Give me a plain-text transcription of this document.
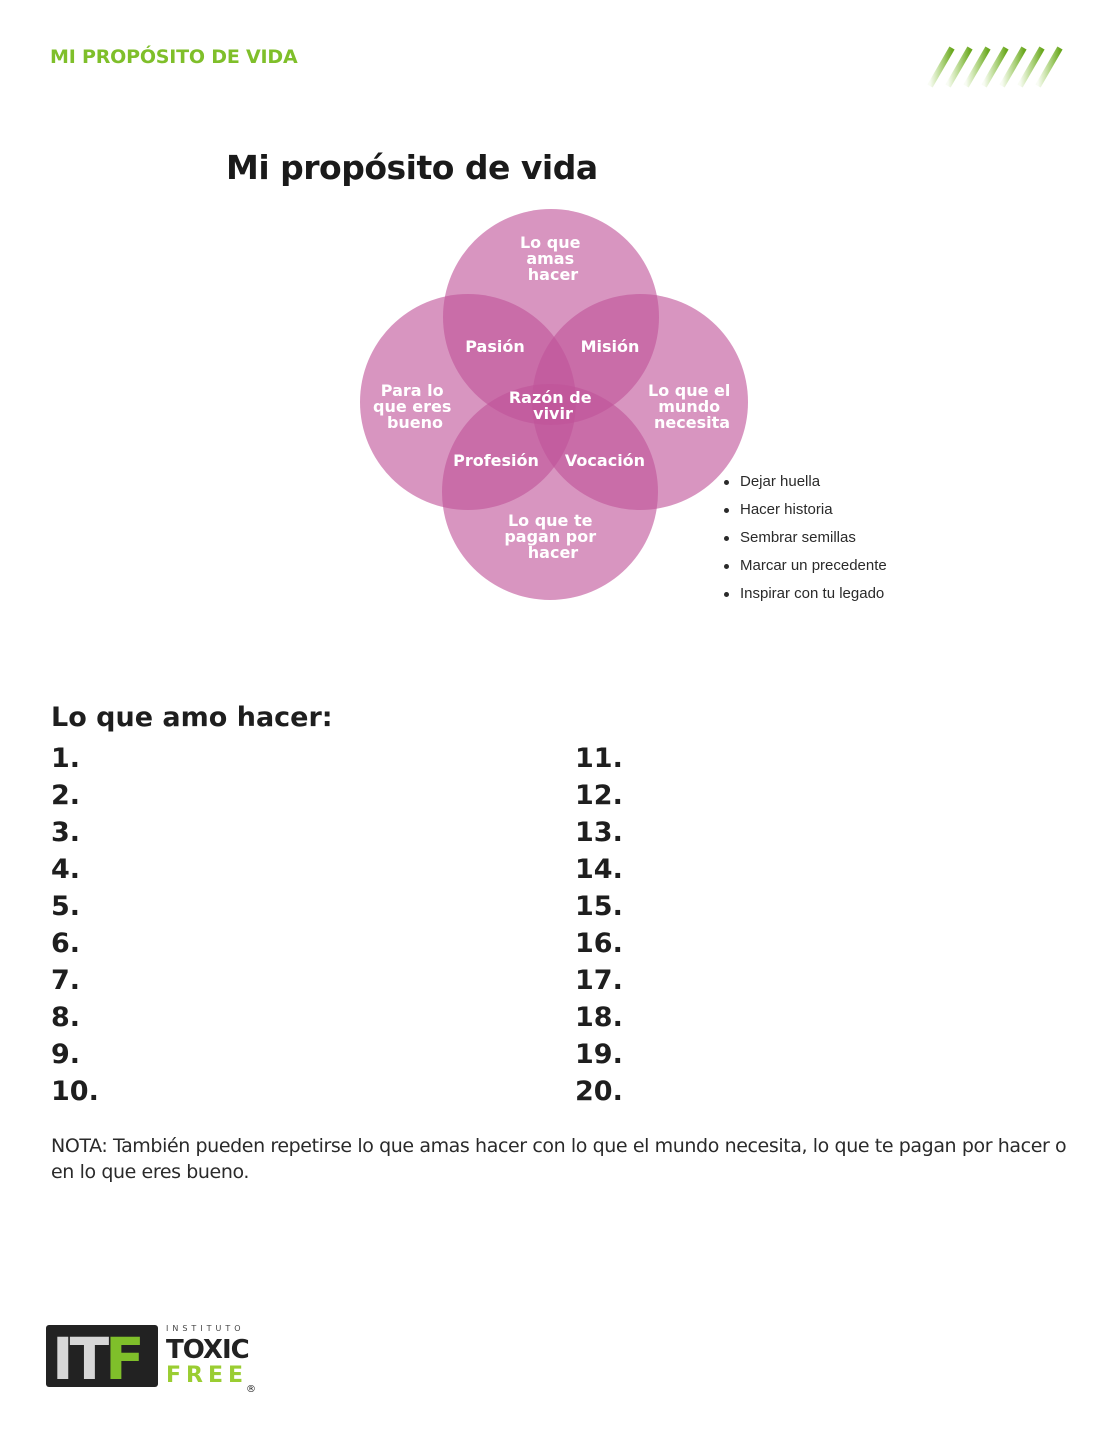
MI PROPÓSITO DE VIDA
Mi propósito de vida
Lo que amas hacer
Para lo que eres bueno
Lo que el mundo necesita
Lo que te pagan por hacer
Pasión	Misión
Profesión Vocación
Razón de vivir
Dejar huella
Hacer historia
Sembrar semillas
Marcar un precedente
Inspirar con tu legado
Lo que amo hacer:
1.
2.
3.
4.
5.
6.
7.
8.
9.
10.
11.
12.
13.
14.
15.
16.
17.
18.
19.
20.
NOTA: También pueden repetirse lo que amas hacer con lo que el mundo necesita, lo que te pagan por hacer o en lo que eres bueno.
ITF	INSTITUTO
TOXIC
FREE
®
